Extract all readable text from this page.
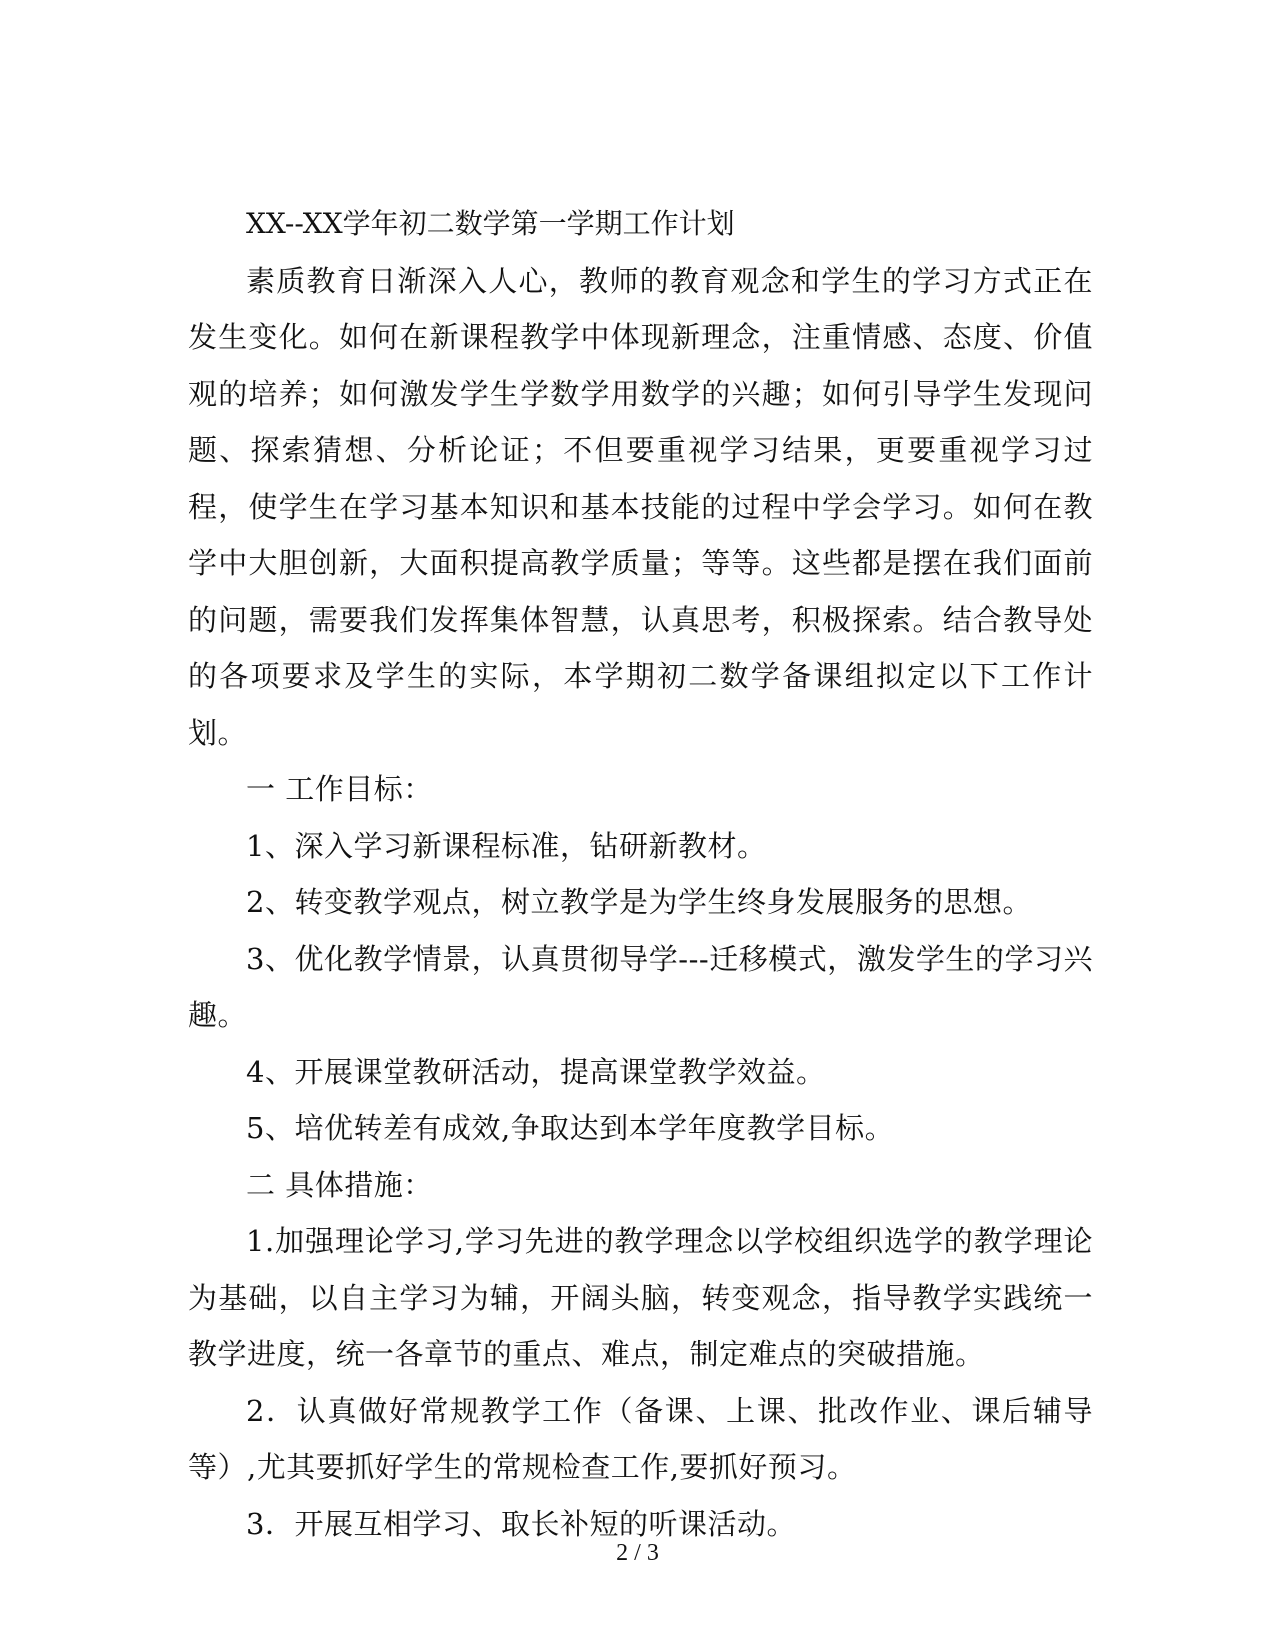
XX--XX学年初二数学第一学期工作计划

素质教育日渐深入人心，教师的教育观念和学生的学习方式正在发生变化。如何在新课程教学中体现新理念，注重情感、态度、价值观的培养；如何激发学生学数学用数学的兴趣；如何引导学生发现问题、探索猜想、分析论证；不但要重视学习结果，更要重视学习过程，使学生在学习基本知识和基本技能的过程中学会学习。如何在教学中大胆创新，大面积提高教学质量；等等。这些都是摆在我们面前的问题，需要我们发挥集体智慧，认真思考，积极探索。结合教导处的各项要求及学生的实际，本学期初二数学备课组拟定以下工作计划。

一 工作目标：

1、深入学习新课程标准，钻研新教材。

2、转变教学观点，树立教学是为学生终身发展服务的思想。

3、优化教学情景，认真贯彻导学---迁移模式，激发学生的学习兴趣。

4、开展课堂教研活动，提高课堂教学效益。

5、培优转差有成效,争取达到本学年度教学目标。

二 具体措施：

1.加强理论学习,学习先进的教学理念以学校组织选学的教学理论为基础，以自主学习为辅，开阔头脑，转变观念，指导教学实践统一教学进度，统一各章节的重点、难点，制定难点的突破措施。

2．认真做好常规教学工作（备课、上课、批改作业、课后辅导等）,尤其要抓好学生的常规检查工作,要抓好预习。

3．开展互相学习、取长补短的听课活动。

2 / 3
